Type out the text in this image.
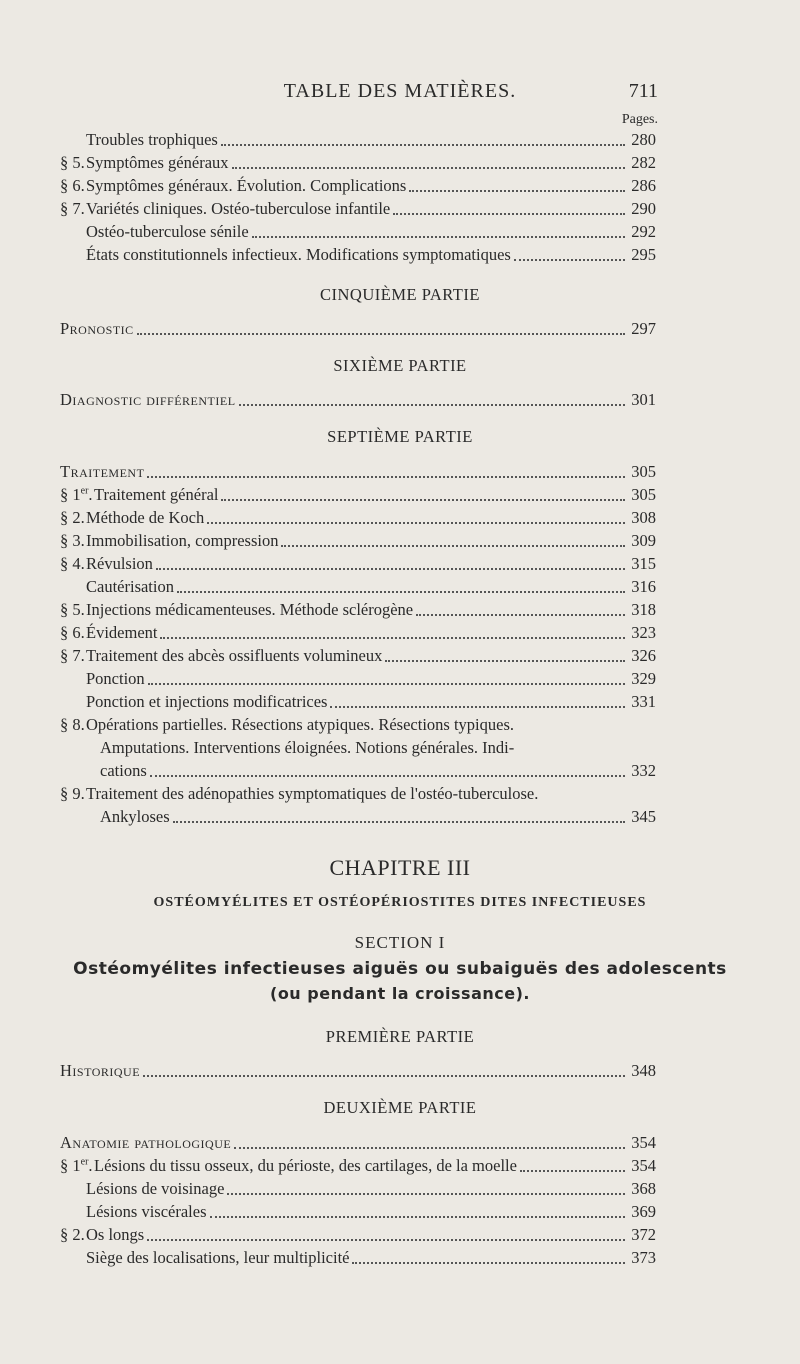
TABLE DES MATIÈRES.	711
Pages.
Troubles trophiques	280
§ 5. Symptômes généraux	282
§ 6. Symptômes généraux. Évolution. Complications	286
§ 7. Variétés cliniques. Ostéo-tuberculose infantile	290
Ostéo-tuberculose sénile	292
États constitutionnels infectieux. Modifications symptomatiques	295
CINQUIÈME PARTIE
Pronostic	297
SIXIÈME PARTIE
Diagnostic différentiel	301
SEPTIÈME PARTIE
Traitement	305
§ 1er. Traitement général	305
§ 2. Méthode de Koch	308
§ 3. Immobilisation, compression	309
§ 4. Révulsion	315
Cautérisation	316
§ 5. Injections médicamenteuses. Méthode sclérogène	318
§ 6. Évidement	323
§ 7. Traitement des abcès ossifluents volumineux	326
Ponction	329
Ponction et injections modificatrices	331
§ 8. Opérations partielles. Résections atypiques. Résections typiques.
Amputations. Interventions éloignées. Notions générales. Indi-
cations	332
§ 9. Traitement des adénopathies symptomatiques de l'ostéo-tuberculose.
Ankyloses	345
CHAPITRE III
OSTÉOMYÉLITES ET OSTÉOPÉRIOSTITES DITES INFECTIEUSES
SECTION I
Ostéomyélites infectieuses aiguës ou subaiguës des adolescents
(ou pendant la croissance).
PREMIÈRE PARTIE
Historique	348
DEUXIÈME PARTIE
Anatomie pathologique	354
§ 1er. Lésions du tissu osseux, du périoste, des cartilages, de la moelle	354
Lésions de voisinage	368
Lésions viscérales	369
§ 2. Os longs	372
Siège des localisations, leur multiplicité	373
